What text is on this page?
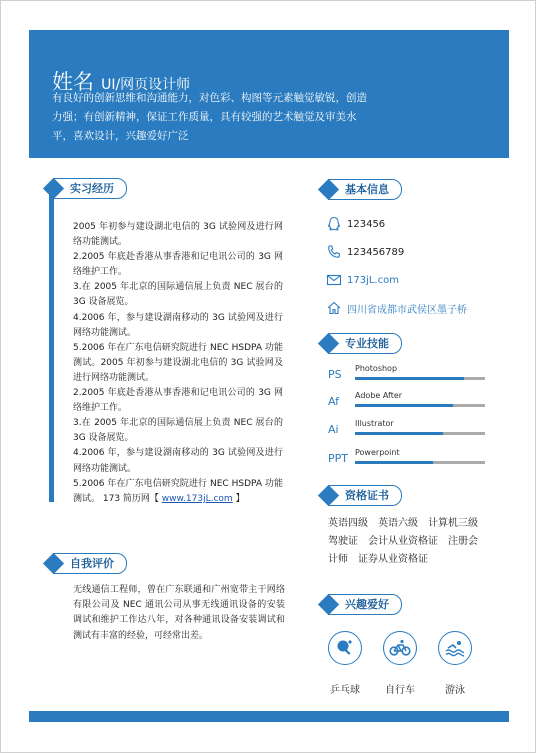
姓名 UI/网页设计师
有良好的创新思维和沟通能力，对色彩、构图等元素触觉敏锐，创造力强；有创新精神，保证工作质量，具有较强的艺术触觉及审美水平，喜欢设计，兴趣爱好广泛
实习经历
2005 年初参与建设湖北电信的 3G 试验网及进行网络功能测试。
2.2005 年底赴香港从事香港和记电讯公司的 3G 网络维护工作。
3.在 2005 年北京的国际通信展上负责 NEC 展台的 3G 设备展览。
4.2006 年，参与建设湖南移动的 3G 试验网及进行网络功能测试。
5.2006 年在广东电信研究院进行 NEC HSDPA 功能测试。2005 年初参与建设湖北电信的 3G 试验网及进行网络功能测试。
2.2005 年底赴香港从事香港和记电讯公司的 3G 网络维护工作。
3.在 2005 年北京的国际通信展上负责 NEC 展台的 3G 设备展览。
4.2006 年，参与建设湖南移动的 3G 试验网及进行网络功能测试。
5.2006 年在广东电信研究院进行 NEC HSDPA 功能测试。 173 简历网【 www.173jL.com 】
自我评价
无线通信工程师，曾在广东联通和广州宽带主干网络有限公司及 NEC 通讯公司从事无线通讯设备的安装调试和维护工作达八年，对各种通讯设备安装调试和测试有丰富的经验，可经常出差。
基本信息
123456
123456789
173jL.com
四川省成都市武侯区墨子桥
专业技能
PS Photoshop
Af Adobe After
Ai Illustrator
PPT Powerpoint
资格证书
英语四级　英语六级　计算机三级　驾驶证　会计从业资格证　注册会计师　证券从业资格证
兴趣爱好
乒乓球	自行车	游泳
